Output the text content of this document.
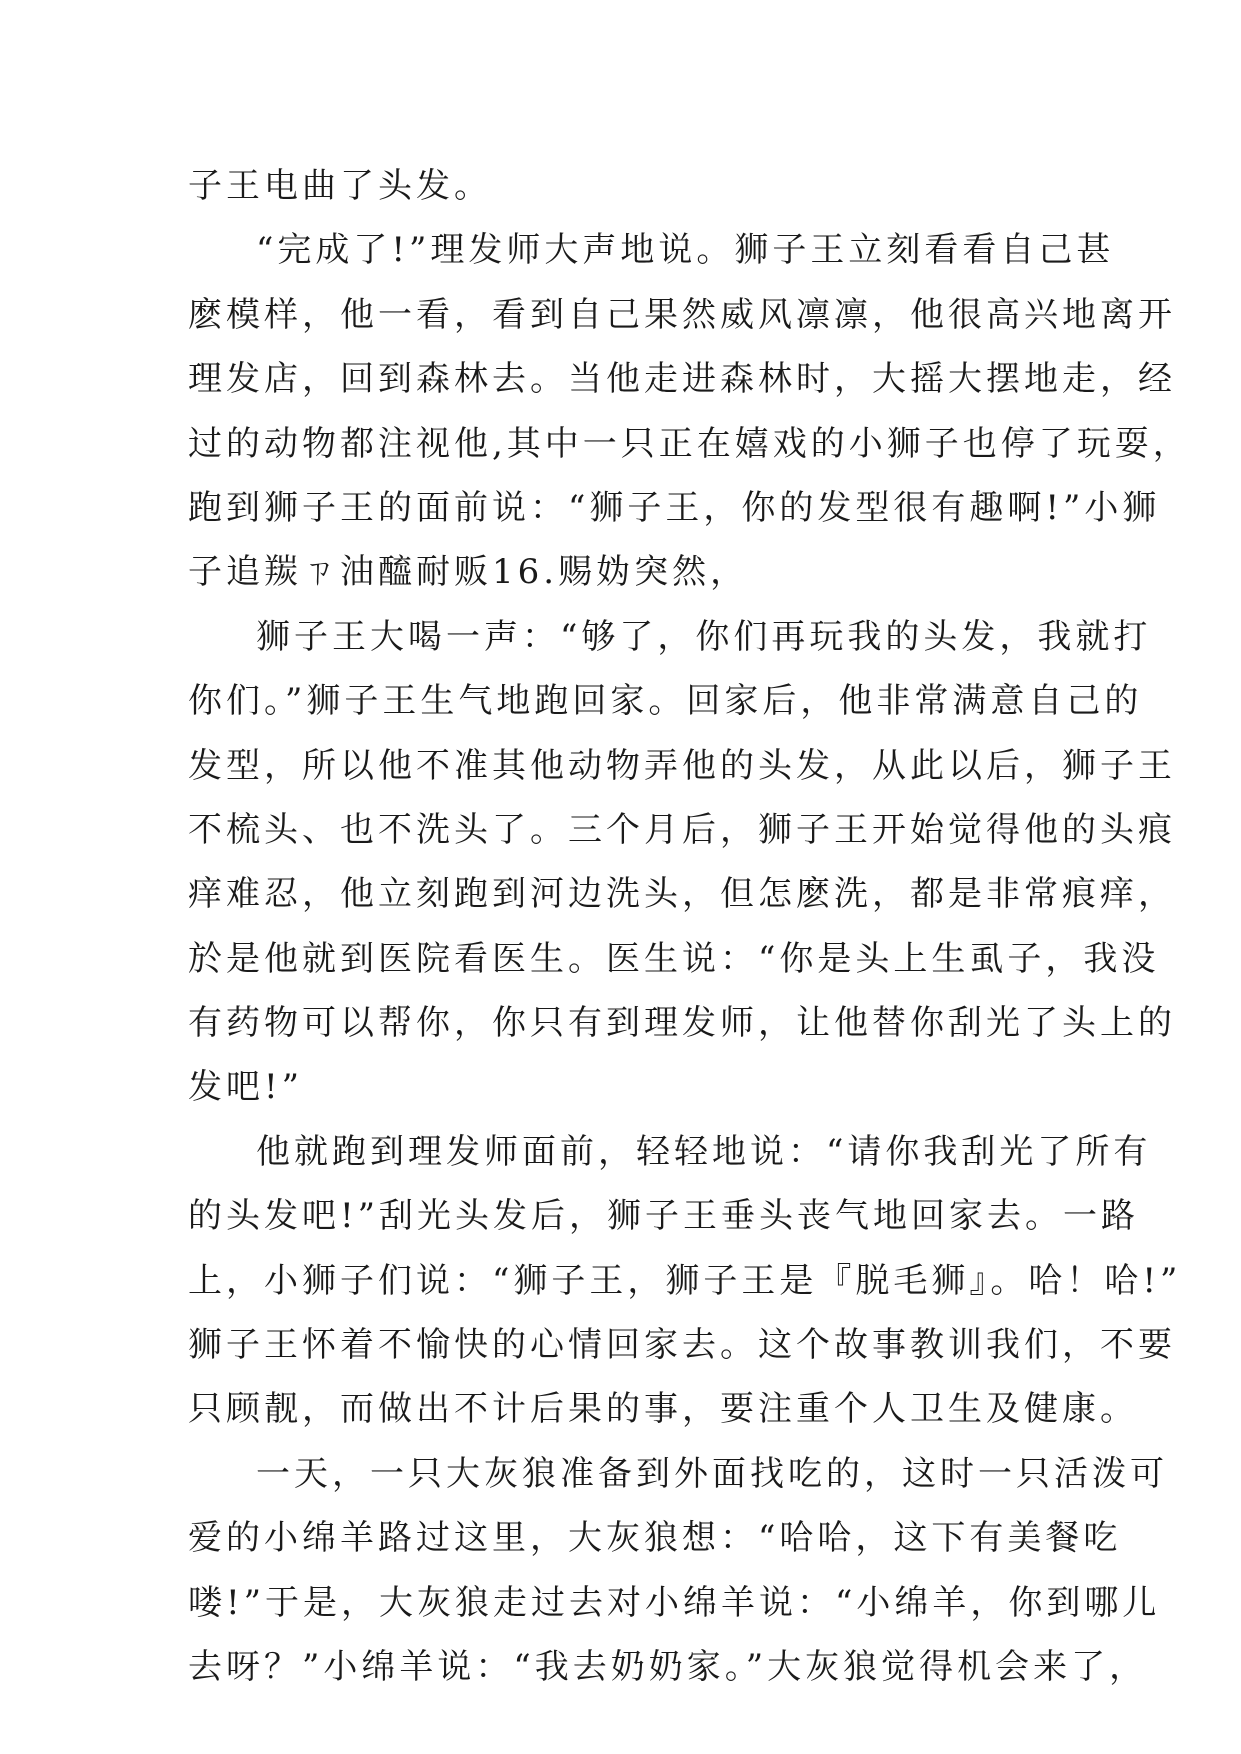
子王电曲了头发。
“完成了!”理发师大声地说。狮子王立刻看看自己甚
麽模样，他一看，看到自己果然威风凛凛，他很高兴地离开
理发店，回到森林去。当他走进森林时，大摇大摆地走，经
过的动物都注视他,其中一只正在嬉戏的小狮子也停了玩耍，
跑到狮子王的面前说：“狮子王，你的发型很有趣啊!”小狮
子追羰ㄗ油醯耐贩16.赐妫突然，
狮子王大喝一声：“够了，你们再玩我的头发，我就打
你们。”狮子王生气地跑回家。回家后，他非常满意自己的
发型，所以他不准其他动物弄他的头发，从此以后，狮子王
不梳头、也不洗头了。三个月后，狮子王开始觉得他的头痕
痒难忍，他立刻跑到河边洗头，但怎麽洗，都是非常痕痒，
於是他就到医院看医生。医生说：“你是头上生虱子，我没
有药物可以帮你，你只有到理发师，让他替你刮光了头上的
发吧!”
他就跑到理发师面前，轻轻地说：“请你我刮光了所有
的头发吧!”刮光头发后，狮子王垂头丧气地回家去。一路
上，小狮子们说：“狮子王，狮子王是『脱毛狮』。哈！哈!”
狮子王怀着不愉快的心情回家去。这个故事教训我们，不要
只顾靓，而做出不计后果的事，要注重个人卫生及健康。
一天，一只大灰狼准备到外面找吃的，这时一只活泼可
爱的小绵羊路过这里，大灰狼想：“哈哈，这下有美餐吃
喽!”于是，大灰狼走过去对小绵羊说：“小绵羊，你到哪儿
去呀？”小绵羊说：“我去奶奶家。”大灰狼觉得机会来了，
